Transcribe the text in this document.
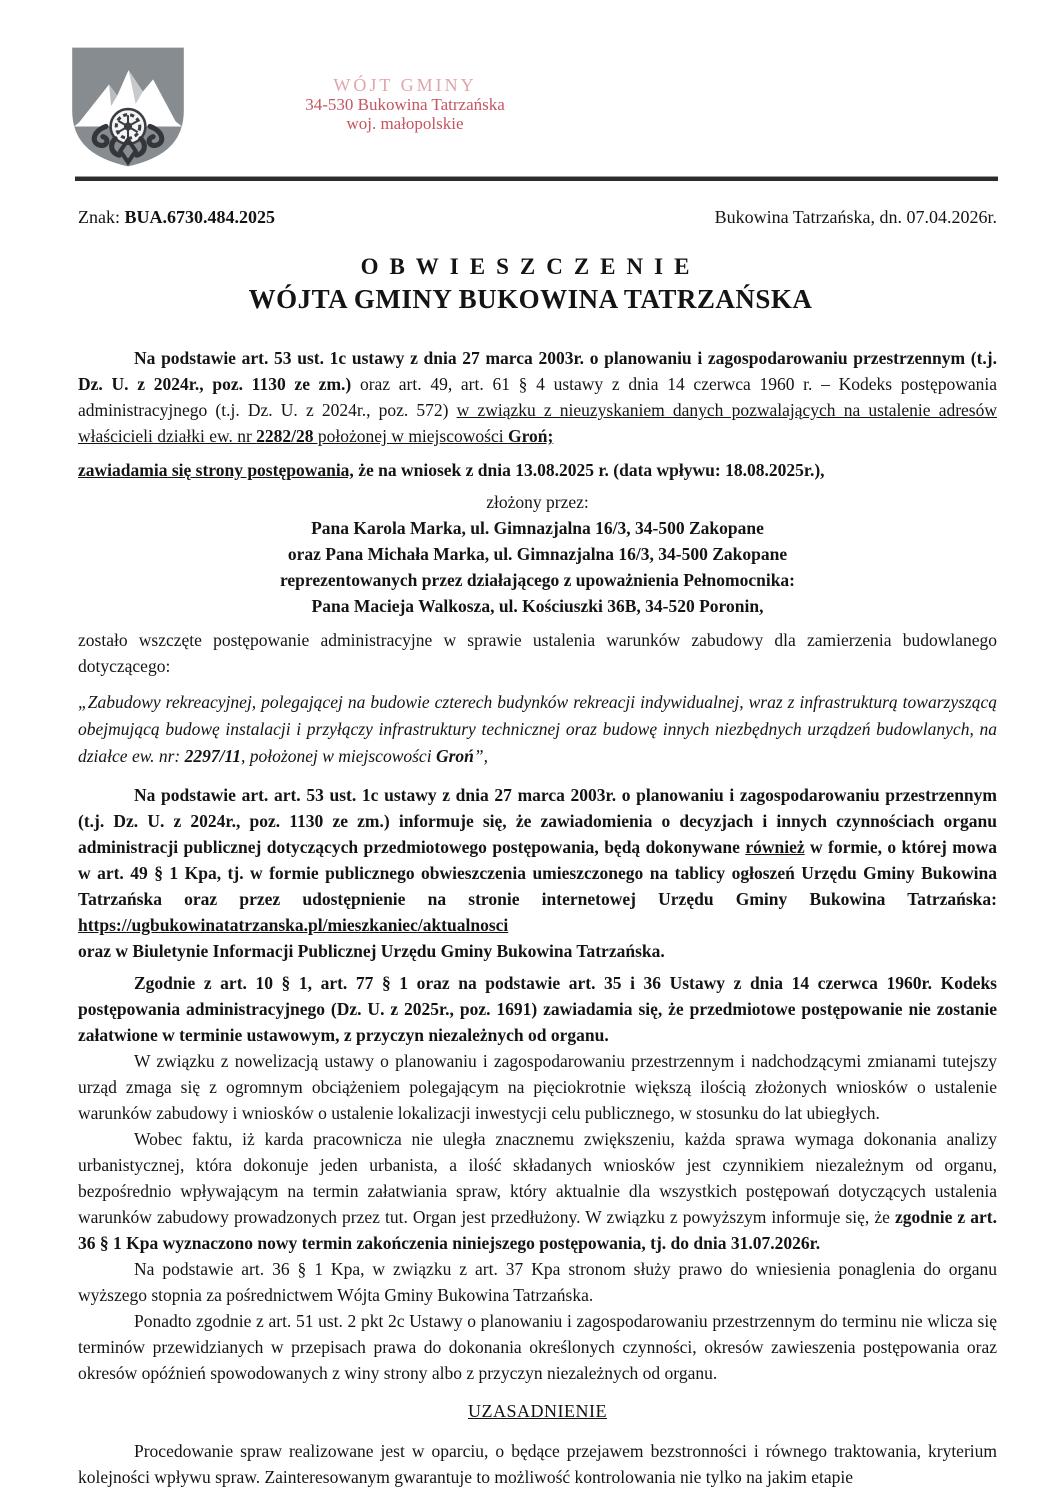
WÓJT GMINY
34-530 Bukowina Tatrzańska
woj. małopolskie
Znak: BUA.6730.484.2025	Bukowina Tatrzańska, dn. 07.04.2026r.
OBWIESZCZENIE
WÓJTA GMINY BUKOWINA TATRZAŃSKA

Na podstawie art. 53 ust. 1c ustawy z dnia 27 marca 2003r. o planowaniu i zagospodarowaniu przestrzennym (t.j. Dz. U. z 2024r., poz. 1130 ze zm.) oraz art. 49, art. 61 § 4 ustawy z dnia 14 czerwca 1960 r. – Kodeks postępowania administracyjnego (t.j. Dz. U. z 2024r., poz. 572) w związku z nieuzyskaniem danych pozwalających na ustalenie adresów właścicieli działki ew. nr 2282/28 położonej w miejscowości Groń;

zawiadamia się strony postępowania, że na wniosek z dnia 13.08.2025 r. (data wpływu: 18.08.2025r.),

złożony przez:
Pana Karola Marka, ul. Gimnazjalna 16/3, 34-500 Zakopane
oraz Pana Michała Marka, ul. Gimnazjalna 16/3, 34-500 Zakopane
reprezentowanych przez działającego z upoważnienia Pełnomocnika:
Pana Macieja Walkosza, ul. Kościuszki 36B, 34-520 Poronin,

zostało wszczęte postępowanie administracyjne w sprawie ustalenia warunków zabudowy dla zamierzenia budowlanego dotyczącego:

„Zabudowy rekreacyjnej, polegającej na budowie czterech budynków rekreacji indywidualnej, wraz z infrastrukturą towarzyszącą obejmującą budowę instalacji i przyłączy infrastruktury technicznej oraz budowę innych niezbędnych urządzeń budowlanych, na działce ew. nr: 2297/11, położonej w miejscowości Groń”,

Na podstawie art. art. 53 ust. 1c ustawy z dnia 27 marca 2003r. o planowaniu i zagospodarowaniu przestrzennym (t.j. Dz. U. z 2024r., poz. 1130 ze zm.) informuje się, że zawiadomienia o decyzjach i innych czynnościach organu administracji publicznej dotyczących przedmiotowego postępowania, będą dokonywane również w formie, o której mowa w art. 49 § 1 Kpa, tj. w formie publicznego obwieszczenia umieszczonego na tablicy ogłoszeń Urzędu Gminy Bukowina Tatrzańska oraz przez udostępnienie na stronie internetowej Urzędu Gminy Bukowina Tatrzańska: https://ugbukowinatatrzanska.pl/mieszkaniec/aktualnosci

oraz w Biuletynie Informacji Publicznej Urzędu Gminy Bukowina Tatrzańska.

Zgodnie z art. 10 § 1, art. 77 § 1 oraz na podstawie art. 35 i 36 Ustawy z dnia 14 czerwca 1960r. Kodeks postępowania administracyjnego (Dz. U. z 2025r., poz. 1691) zawiadamia się, że przedmiotowe postępowanie nie zostanie załatwione w terminie ustawowym, z przyczyn niezależnych od organu.

W związku z nowelizacją ustawy o planowaniu i zagospodarowaniu przestrzennym i nadchodzącymi zmianami tutejszy urząd zmaga się z ogromnym obciążeniem polegającym na pięciokrotnie większą ilością złożonych wniosków o ustalenie warunków zabudowy i wniosków o ustalenie lokalizacji inwestycji celu publicznego, w stosunku do lat ubiegłych.

Wobec faktu, iż karda pracownicza nie uległa znacznemu zwiększeniu, każda sprawa wymaga dokonania analizy urbanistycznej, która dokonuje jeden urbanista, a ilość składanych wniosków jest czynnikiem niezależnym od organu, bezpośrednio wpływającym na termin załatwiania spraw, który aktualnie dla wszystkich postępowań dotyczących ustalenia warunków zabudowy prowadzonych przez tut. Organ jest przedłużony. W związku z powyższym informuje się, że zgodnie z art. 36 § 1 Kpa wyznaczono nowy termin zakończenia niniejszego postępowania, tj. do dnia 31.07.2026r.

Na podstawie art. 36 § 1 Kpa, w związku z art. 37 Kpa stronom służy prawo do wniesienia ponaglenia do organu wyższego stopnia za pośrednictwem Wójta Gminy Bukowina Tatrzańska.

Ponadto zgodnie z art. 51 ust. 2 pkt 2c Ustawy o planowaniu i zagospodarowaniu przestrzennym do terminu nie wlicza się terminów przewidzianych w przepisach prawa do dokonania określonych czynności, okresów zawieszenia postępowania oraz okresów opóźnień spowodowanych z winy strony albo z przyczyn niezależnych od organu.

UZASADNIENIE

Procedowanie spraw realizowane jest w oparciu, o będące przejawem bezstronności i równego traktowania, kryterium kolejności wpływu spraw. Zainteresowanym gwarantuje to możliwość kontrolowania nie tylko na jakim etapie
